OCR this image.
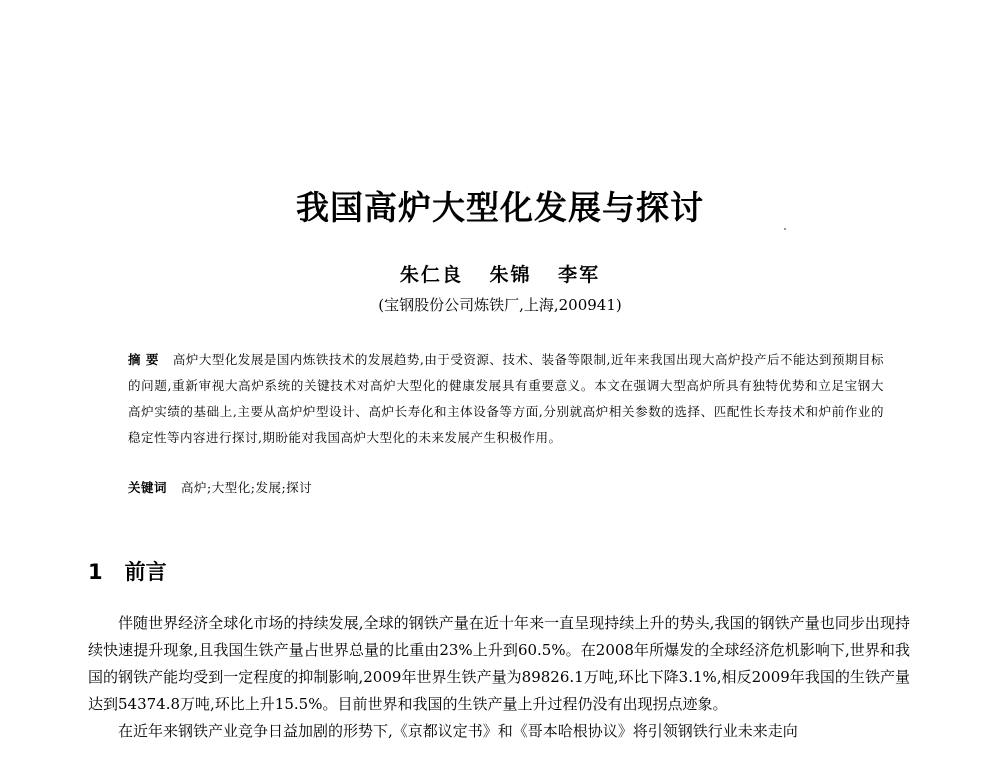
我国高炉大型化发展与探讨
朱仁良 朱锦 李军
(宝钢股份公司炼铁厂,上海,200941)
摘 要 高炉大型化发展是国内炼铁技术的发展趋势,由于受资源、技术、装备等限制,近年来我国出现大高炉投产后不能达到预期目标的问题,重新审视大高炉系统的关键技术对高炉大型化的健康发展具有重要意义。本文在强调大型高炉所具有独特优势和立足宝钢大高炉实绩的基础上,主要从高炉炉型设计、高炉长寿化和主体设备等方面,分别就高炉相关参数的选择、匹配性长寿技术和炉前作业的稳定性等内容进行探讨,期盼能对我国高炉大型化的未来发展产生积极作用。
关键词 高炉;大型化;发展;探讨
1 前言

伴随世界经济全球化市场的持续发展,全球的钢铁产量在近十年来一直呈现持续上升的势头,我国的钢铁产量也同步出现持续快速提升现象,且我国生铁产量占世界总量的比重由23%上升到60.5%。在2008年所爆发的全球经济危机影响下,世界和我国的钢铁产能均受到一定程度的抑制影响,2009年世界生铁产量为89826.1万吨,环比下降3.1%,相反2009年我国的生铁产量达到54374.8万吨,环比上升15.5%。目前世界和我国的生铁产量上升过程仍没有出现拐点迹象。

在近年来钢铁产业竞争日益加剧的形势下,《京都议定书》和《哥本哈根协议》将引领钢铁行业未来走向
